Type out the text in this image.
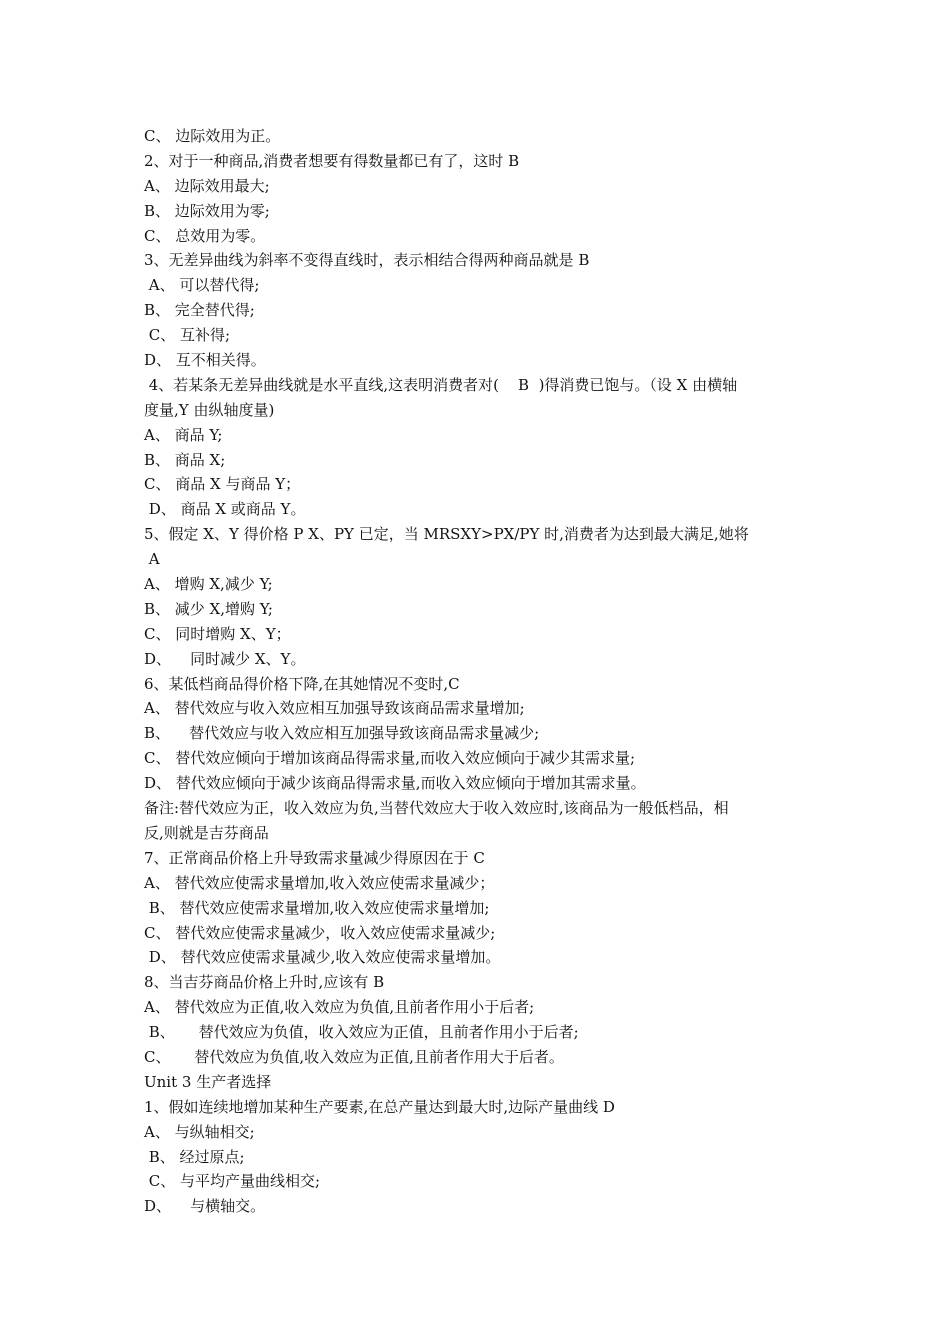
C、 边际效用为正。
2、对于一种商品,消费者想要有得数量都已有了，这时 B
A、 边际效用最大;
B、 边际效用为零;
C、 总效用为零。
3、无差异曲线为斜率不变得直线时，表示相结合得两种商品就是 B
A、 可以替代得;
B、 完全替代得;
C、 互补得;
D、 互不相关得。
4、若某条无差异曲线就是水平直线,这表明消费者对(    B  )得消费已饱与。（设 X 由横轴
度量,Y 由纵轴度量)
A、 商品 Y;
B、 商品 X;
C、 商品 X 与商品 Y；
D、 商品 X 或商品 Y。
5、假定 X、Y 得价格 P X、PY 已定，当 MRSXY>PX/PY 时,消费者为达到最大满足,她将
A
A、 增购 X,减少 Y;
B、 减少 X,增购 Y;
C、 同时增购 X、Y；
D、    同时减少 X、Y。
6、某低档商品得价格下降,在其她情况不变时,C
A、 替代效应与收入效应相互加强导致该商品需求量增加;
B、    替代效应与收入效应相互加强导致该商品需求量减少;
C、 替代效应倾向于增加该商品得需求量,而收入效应倾向于减少其需求量;
D、 替代效应倾向于减少该商品得需求量,而收入效应倾向于增加其需求量。
备注:替代效应为正，收入效应为负,当替代效应大于收入效应时,该商品为一般低档品，相
反,则就是吉芬商品
7、正常商品价格上升导致需求量减少得原因在于 C
A、 替代效应使需求量增加,收入效应使需求量减少；
B、 替代效应使需求量增加,收入效应使需求量增加;
C、 替代效应使需求量减少，收入效应使需求量减少;
D、 替代效应使需求量减少,收入效应使需求量增加。
8、当吉芬商品价格上升时,应该有 B
A、 替代效应为正值,收入效应为负值,且前者作用小于后者;
B、     替代效应为负值，收入效应为正值，且前者作用小于后者;
C、     替代效应为负值,收入效应为正值,且前者作用大于后者。
Unit 3 生产者选择
1、假如连续地增加某种生产要素,在总产量达到最大时,边际产量曲线 D
A、 与纵轴相交;
B、 经过原点;
C、 与平均产量曲线相交;
D、    与横轴交。
